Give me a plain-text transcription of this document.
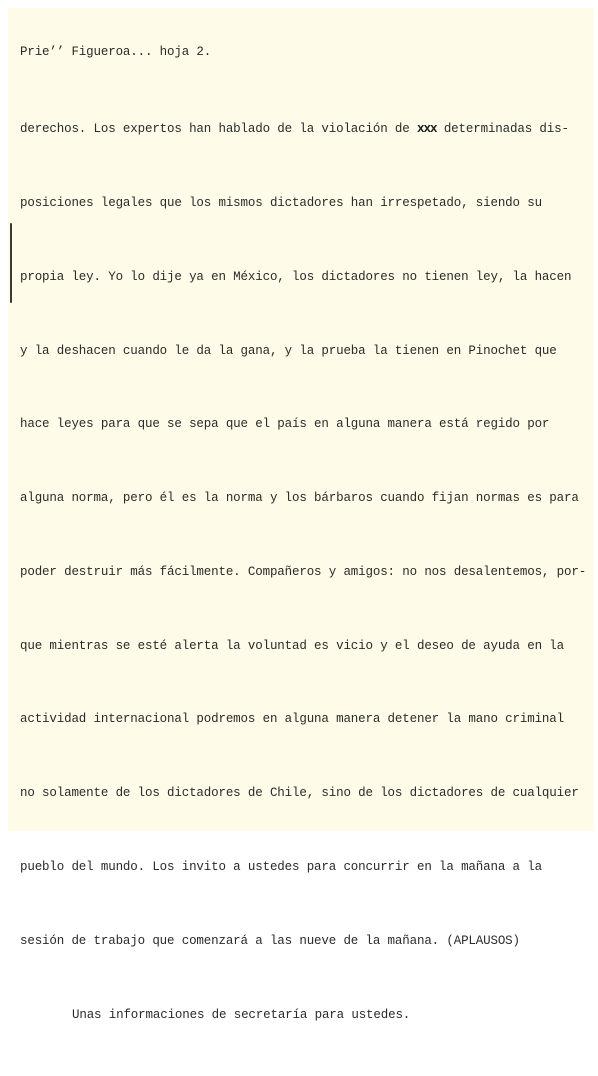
Prie’’ Figueroa... hoja 2.

derechos. Los expertos han hablado de la violación de xxx determinadas dis-

posiciones legales que los mismos dictadores han irrespetado, siendo su

propia ley. Yo lo dije ya en México, los dictadores no tienen ley, la hacen

y la deshacen cuando le da la gana, y la prueba la tienen en Pinochet que

hace leyes para que se sepa que el país en alguna manera está regido por

alguna norma, pero él es la norma y los bárbaros cuando fijan normas es para

poder destruir más fácilmente. Compañeros y amigos: no nos desalentemos, por-

que mientras se esté alerta la voluntad es vicio y el deseo de ayuda en la

actividad internacional podremos en alguna manera detener la mano criminal

no solamente de los dictadores de Chile, sino de los dictadores de cualquier

pueblo del mundo. Los invito a ustedes para concurrir en la mañana a la

sesión de trabajo que comenzará a las nueve de la mañana. (APLAUSOS)

Unas informaciones de secretaría para ustedes.
